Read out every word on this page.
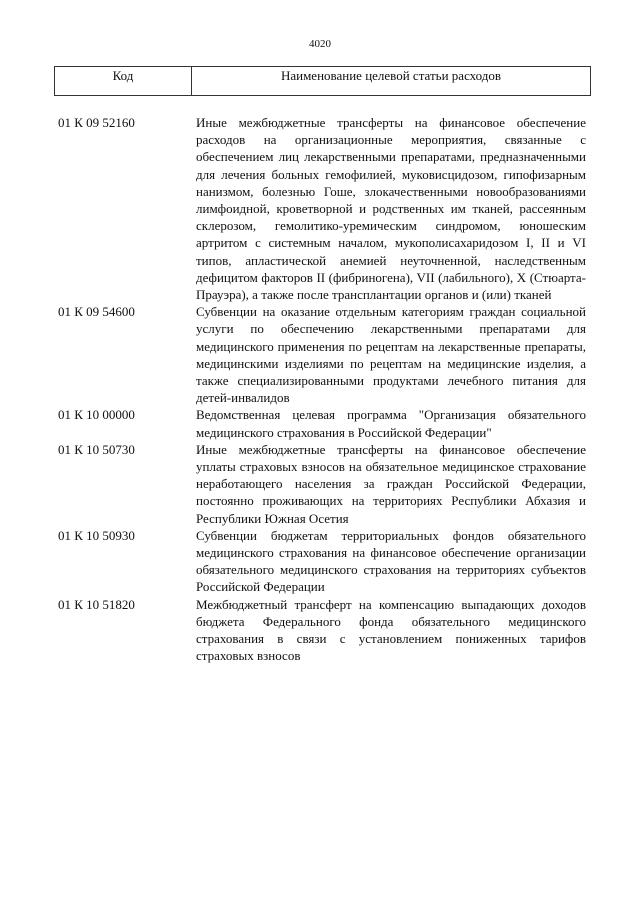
4020
Код	Наименование целевой статьи расходов
01 К 09 52160	Иные межбюджетные трансферты на финансовое обеспечение расходов на организационные мероприятия, связанные с обеспечением лиц лекарственными препаратами, предназначенными для лечения больных гемофилией, муковисцидозом, гипофизарным нанизмом, болезнью Гоше, злокачественными новообразованиями лимфоидной, кроветворной и родственных им тканей, рассеянным склерозом, гемолитико-уремическим синдромом, юношеским артритом с системным началом, мукополисахаридозом I, II и VI типов, апластической анемией неуточненной, наследственным дефицитом факторов II (фибриногена), VII (лабильного), X (Стюарта-Прауэра), а также после трансплантации органов и (или) тканей
01 К 09 54600	Субвенции на оказание отдельным категориям граждан социальной услуги по обеспечению лекарственными препаратами для медицинского применения по рецептам на лекарственные препараты, медицинскими изделиями по рецептам на медицинские изделия, а также специализированными продуктами лечебного питания для детей-инвалидов
01 К 10 00000	Ведомственная целевая программа "Организация обязательного медицинского страхования в Российской Федерации"
01 К 10 50730	Иные межбюджетные трансферты на финансовое обеспечение уплаты страховых взносов на обязательное медицинское страхование неработающего населения за граждан Российской Федерации, постоянно проживающих на территориях Республики Абхазия и Республики Южная Осетия
01 К 10 50930	Субвенции бюджетам территориальных фондов обязательного медицинского страхования на финансовое обеспечение организации обязательного медицинского страхования на территориях субъектов Российской Федерации
01 К 10 51820	Межбюджетный трансферт на компенсацию выпадающих доходов бюджета Федерального фонда обязательного медицинского страхования в связи с установлением пониженных тарифов страховых взносов
